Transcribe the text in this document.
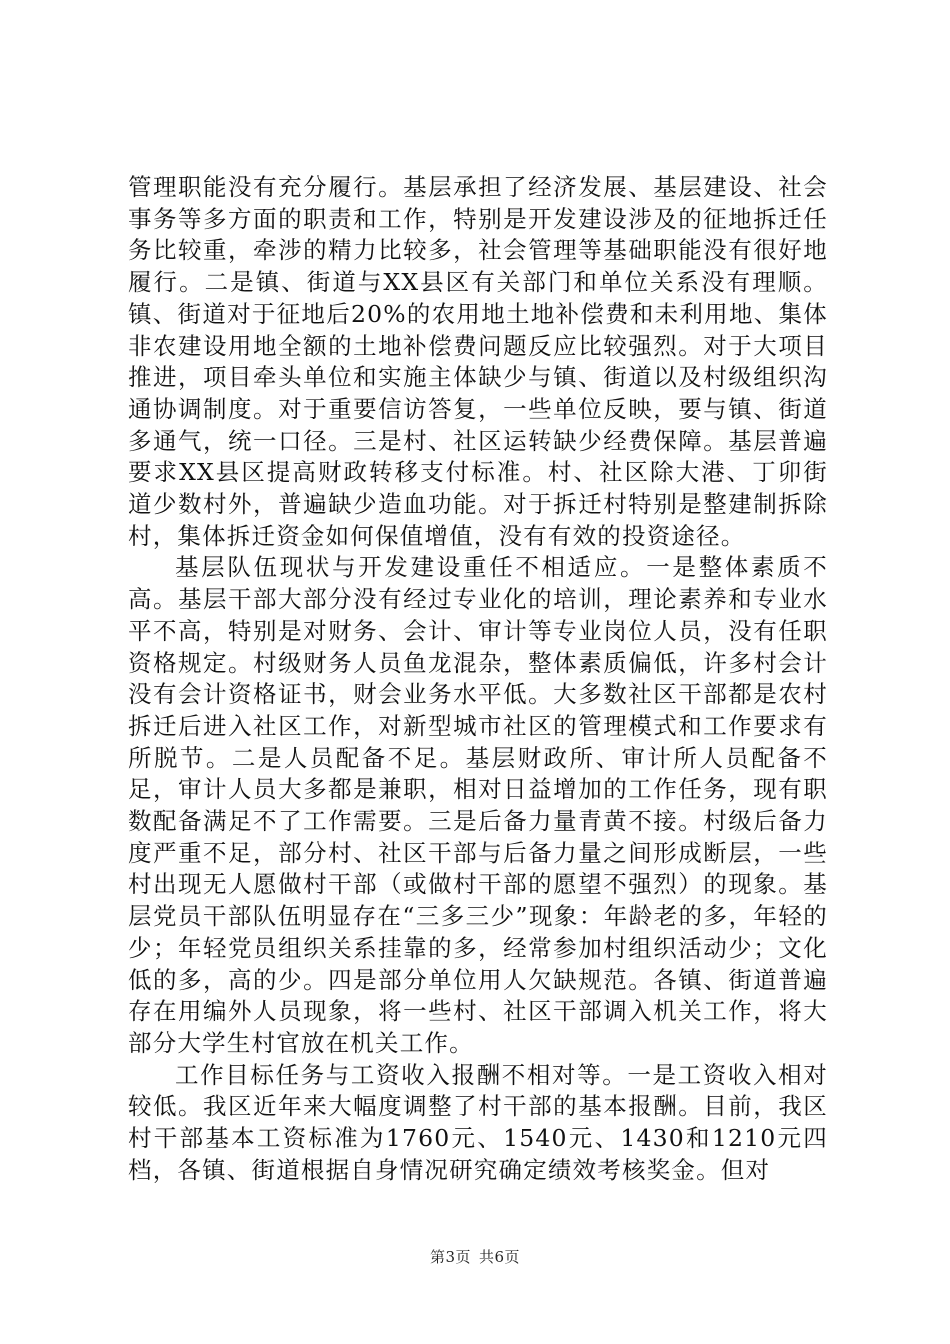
管理职能没有充分履行。基层承担了经济发展、基层建设、社会事务等多方面的职责和工作，特别是开发建设涉及的征地拆迁任务比较重，牵涉的精力比较多，社会管理等基础职能没有很好地履行。二是镇、街道与XX县区有关部门和单位关系没有理顺。镇、街道对于征地后20%的农用地土地补偿费和未利用地、集体非农建设用地全额的土地补偿费问题反应比较强烈。对于大项目推进，项目牵头单位和实施主体缺少与镇、街道以及村级组织沟通协调制度。对于重要信访答复，一些单位反映，要与镇、街道多通气，统一口径。三是村、社区运转缺少经费保障。基层普遍要求XX县区提高财政转移支付标准。村、社区除大港、丁卯街道少数村外，普遍缺少造血功能。对于拆迁村特别是整建制拆除村，集体拆迁资金如何保值增值，没有有效的投资途径。

基层队伍现状与开发建设重任不相适应。一是整体素质不高。基层干部大部分没有经过专业化的培训，理论素养和专业水平不高，特别是对财务、会计、审计等专业岗位人员，没有任职资格规定。村级财务人员鱼龙混杂，整体素质偏低，许多村会计没有会计资格证书，财会业务水平低。大多数社区干部都是农村拆迁后进入社区工作，对新型城市社区的管理模式和工作要求有所脱节。二是人员配备不足。基层财政所、审计所人员配备不足，审计人员大多都是兼职，相对日益增加的工作任务，现有职数配备满足不了工作需要。三是后备力量青黄不接。村级后备力度严重不足，部分村、社区干部与后备力量之间形成断层，一些村出现无人愿做村干部（或做村干部的愿望不强烈）的现象。基层党员干部队伍明显存在“三多三少”现象：年龄老的多，年轻的少；年轻党员组织关系挂靠的多，经常参加村组织活动少；文化低的多，高的少。四是部分单位用人欠缺规范。各镇、街道普遍存在用编外人员现象，将一些村、社区干部调入机关工作，将大部分大学生村官放在机关工作。

工作目标任务与工资收入报酬不相对等。一是工资收入相对较低。我区近年来大幅度调整了村干部的基本报酬。目前，我区村干部基本工资标准为1760元、1540元、1430和1210元四档，各镇、街道根据自身情况研究确定绩效考核奖金。但对

第3页 共6页
